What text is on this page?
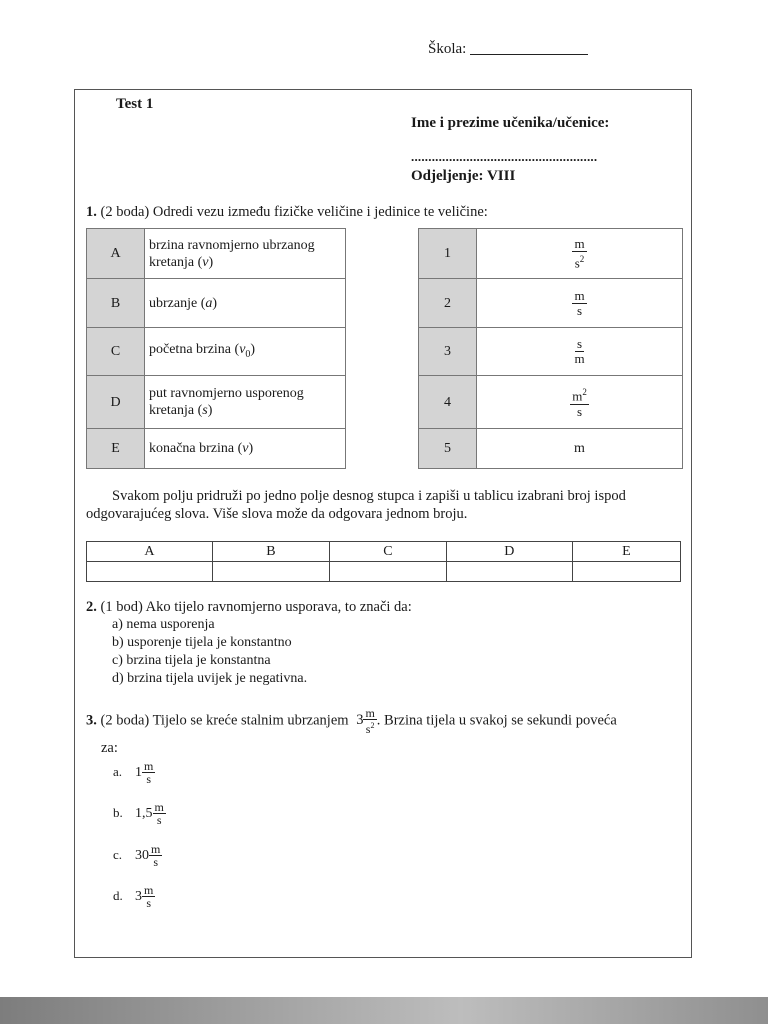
Škola:
Test 1
Ime i prezime učenika/učenice:
......................................................
Odjeljenje: VIII
1. (2 boda) Odredi vezu između fizičke veličine i jedinice te veličine:
A	brzina ravnomjerno ubrzanog
kretanja (v)
B	ubrzanje (a)
C	početna brzina $(v_0)$
D	put ravnomjerno usporenog
kretanja (s)
E	konačna brzina (v)
1	$\frac{m}{s^2}$

2	$\frac{m}{s}$

3	$\frac{s}{m}$

4	$\frac{m^2}{s}$

5	m
Svakom polju pridruži po jedno polje desnog stupca i zapiši u tablicu izabrani broj ispod
odgovarajućeg slova. Više slova može da odgovara jednom broju.
A	B	C	D	E

2. (1 bod) Ako tijelo ravnomjerno usporava, to znači da:
a) nema usporenja
b) usporenje tijela je konstantno
c) brzina tijela je konstantna
d) brzina tijela uvijek je negativna.
3. (2 boda) Tijelo se kreće stalnim ubrzanjem $3 \frac{m}{s^2}$ . Brzina tijela u svakoj se sekundi poveća
za:
a. $1 \frac{m}{s}$
b. $1,5 \frac{m}{s}$
c. $30 \frac{m}{s}$
d. $3 \frac{m}{s}$
